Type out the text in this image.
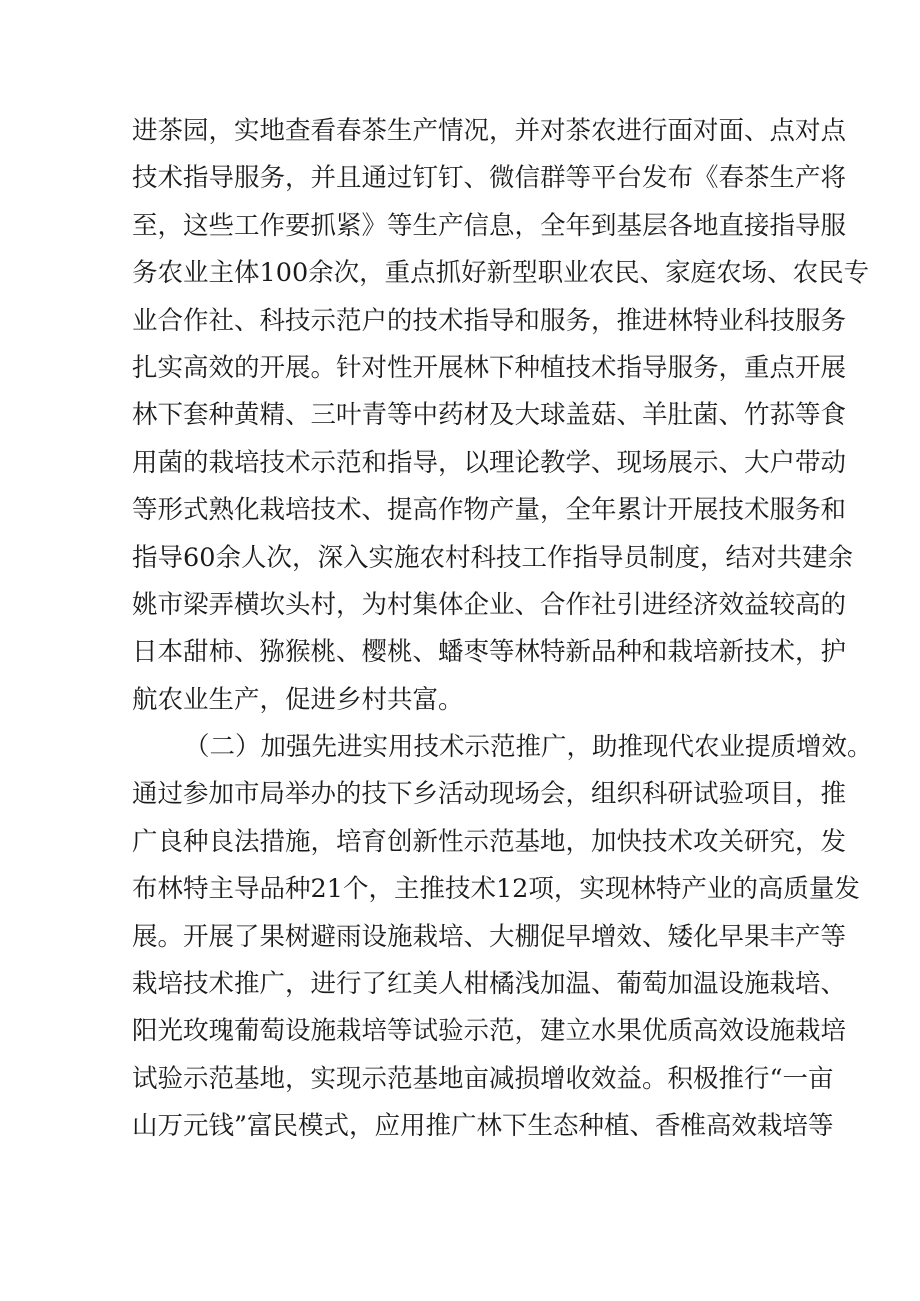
进茶园，实地查看春茶生产情况，并对茶农进行面对面、点对点
技术指导服务，并且通过钉钉、微信群等平台发布《春茶生产将
至，这些工作要抓紧》等生产信息，全年到基层各地直接指导服
务农业主体100余次，重点抓好新型职业农民、家庭农场、农民专
业合作社、科技示范户的技术指导和服务，推进林特业科技服务
扎实高效的开展。针对性开展林下种植技术指导服务，重点开展
林下套种黄精、三叶青等中药材及大球盖菇、羊肚菌、竹荪等食
用菌的栽培技术示范和指导，以理论教学、现场展示、大户带动
等形式熟化栽培技术、提高作物产量，全年累计开展技术服务和
指导60余人次，深入实施农村科技工作指导员制度，结对共建余
姚市梁弄横坎头村，为村集体企业、合作社引进经济效益较高的
日本甜柿、猕猴桃、樱桃、蟠枣等林特新品种和栽培新技术，护
航农业生产，促进乡村共富。
（二）加强先进实用技术示范推广，助推现代农业提质增效。
通过参加市局举办的技下乡活动现场会，组织科研试验项目，推
广良种良法措施，培育创新性示范基地，加快技术攻关研究，发
布林特主导品种21个，主推技术12项，实现林特产业的高质量发
展。开展了果树避雨设施栽培、大棚促早增效、矮化早果丰产等
栽培技术推广，进行了红美人柑橘浅加温、葡萄加温设施栽培、
阳光玫瑰葡萄设施栽培等试验示范，建立水果优质高效设施栽培
试验示范基地，实现示范基地亩减损增收效益。积极推行“一亩
山万元钱”富民模式，应用推广林下生态种植、香椎高效栽培等
